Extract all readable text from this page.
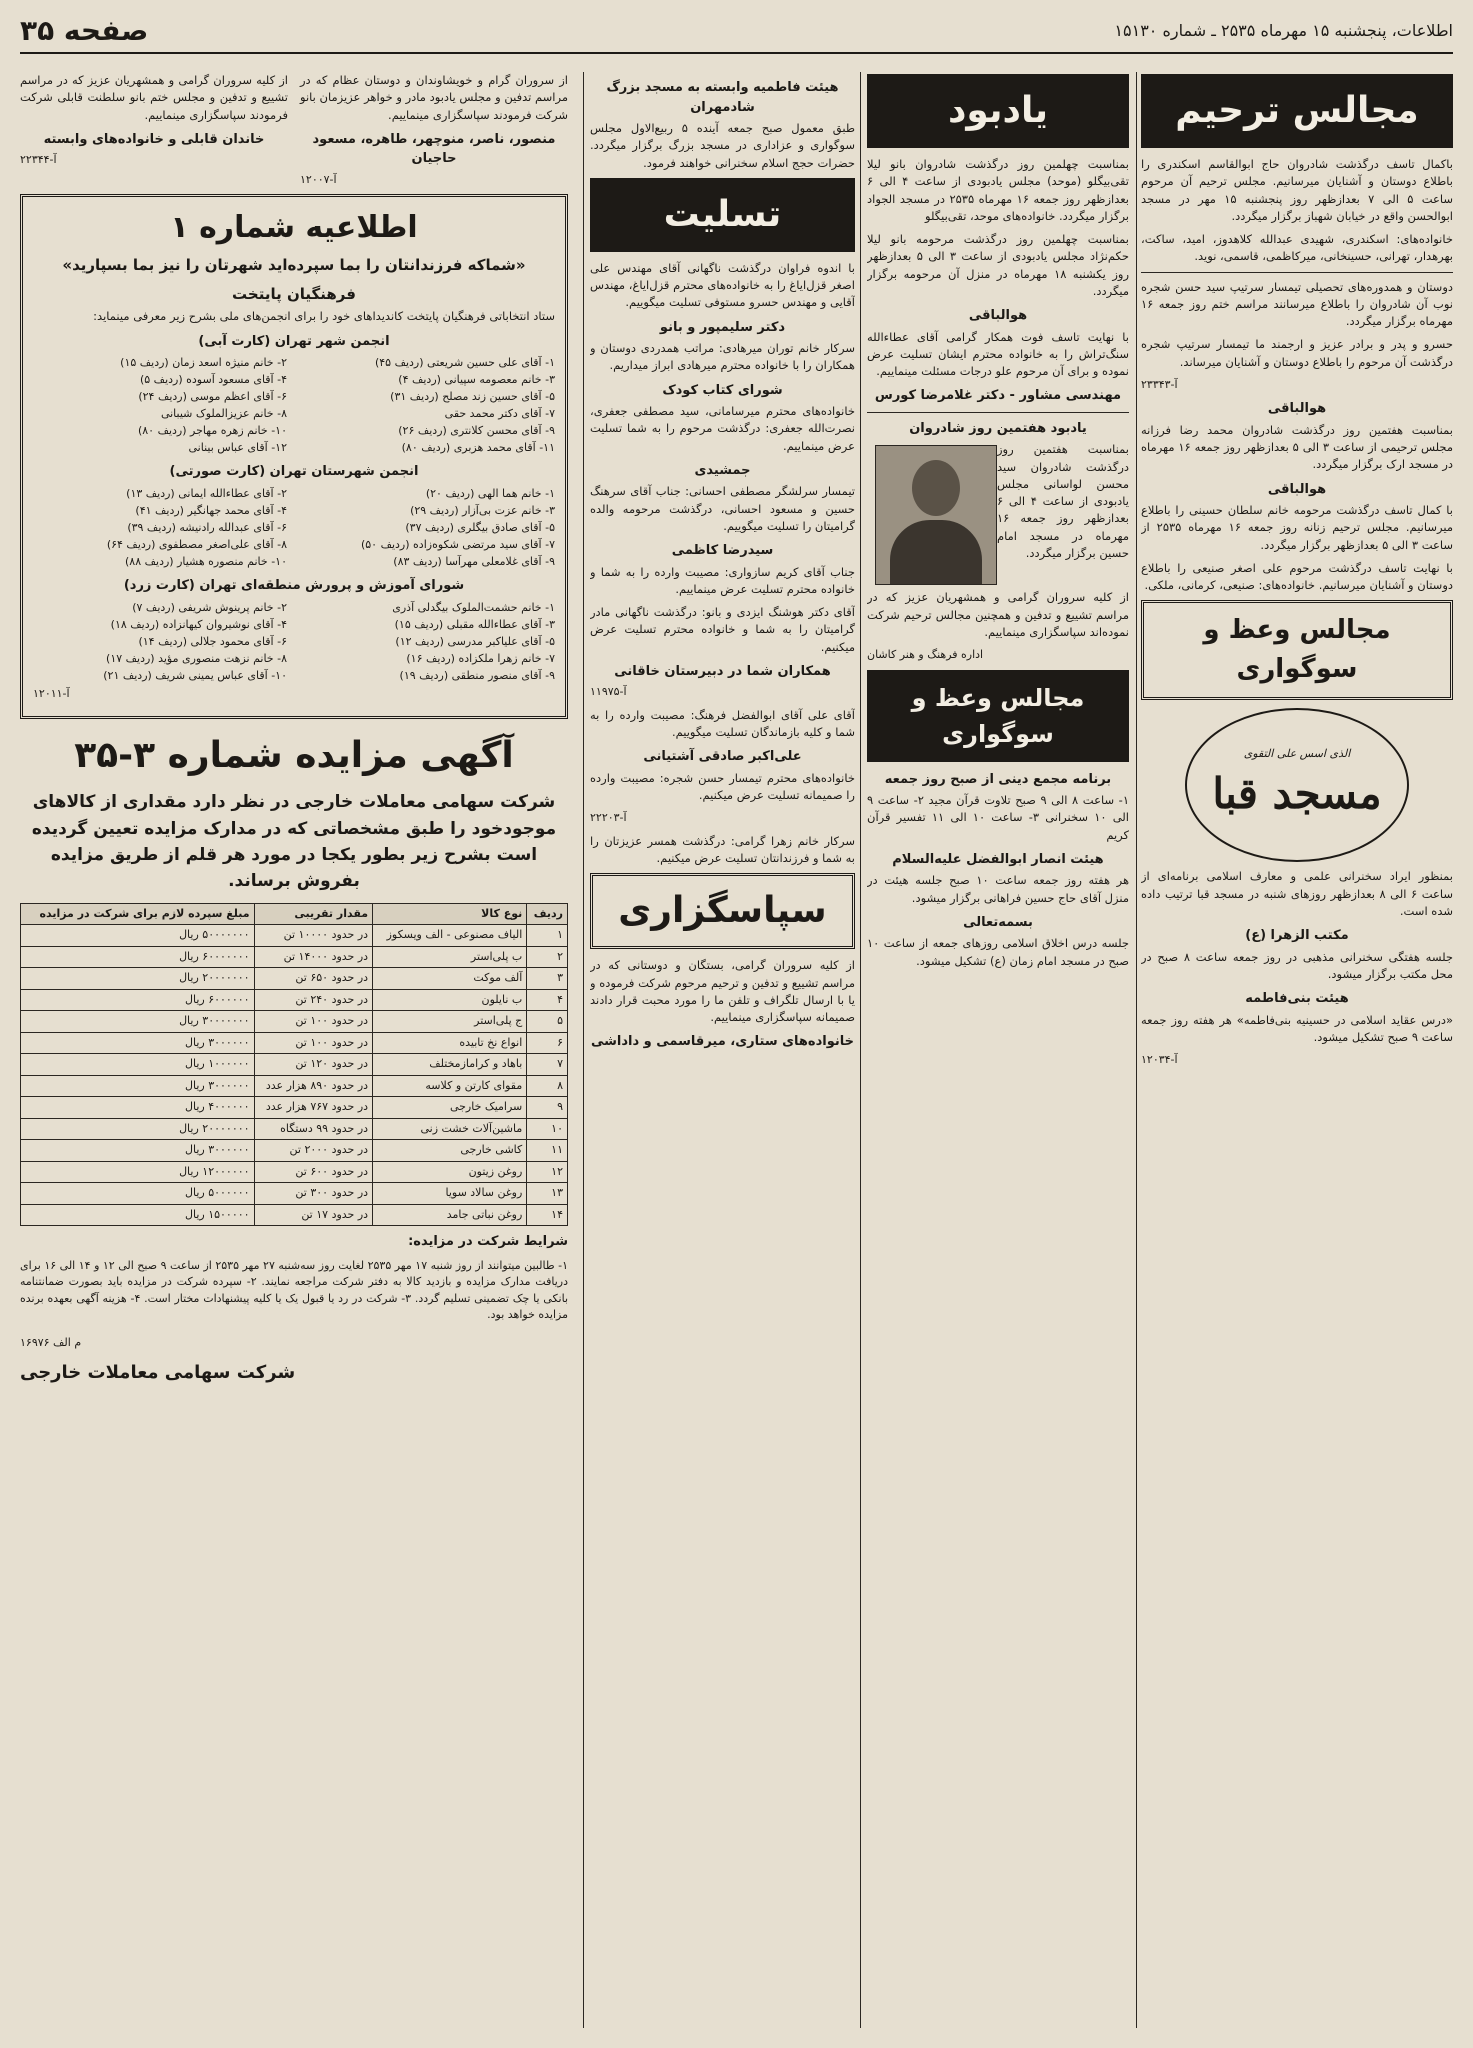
اطلاعات، پنجشنبه ۱۵ مهرماه ۲۵۳۵ ـ شماره ۱۵۱۳۰
صفحه ۳۵
مجالس ترحیم

باکمال تاسف درگذشت شادروان حاج ابوالقاسم اسکندری را باطلاع دوستان و آشنایان میرسانیم. مجلس ترحیم آن مرحوم ساعت ۵ الی ۷ بعدازظهر روز پنجشنبه ۱۵ مهر در مسجد ابوالحسن واقع در خیابان شهباز برگزار میگردد.

خانواده‌های: اسکندری، شهیدی عبدالله کلاهدوز، امید، ساکت، بهرهدار، تهرانی، حسینخانی، میرکاظمی، قاسمی، نوید.

دوستان و همدوره‌های تحصیلی تیمسار سرتیپ سید حسن شجره نوب آن شادروان را باطلاع میرسانند مراسم ختم روز جمعه ۱۶ مهرماه برگزار میگردد.

حسرو و پدر و برادر عزیز و ارجمند ما تیمسار سرتیپ شجره درگذشت آن مرحوم را باطلاع دوستان و آشنایان میرساند.

آ-۲۳۳۴۳
هوالباقی

بمناسبت هفتمین روز درگذشت شادروان محمد رضا فرزانه مجلس ترحیمی از ساعت ۳ الی ۵ بعدازظهر روز جمعه ۱۶ مهرماه در مسجد ارک برگزار میگردد.

هوالباقی

با کمال تاسف درگذشت مرحومه خانم سلطان حسینی را باطلاع میرسانیم. مجلس ترحیم زنانه روز جمعه ۱۶ مهرماه ۲۵۳۵ از ساعت ۳ الی ۵ بعدازظهر برگزار میگردد.

با نهایت تاسف درگذشت مرحوم علی اصغر صنیعی را باطلاع دوستان و آشنایان میرسانیم. خانواده‌های: صنیعی، کرمانی، ملکی.

مجالس وعظ و سوگواری
الذی اسس علی التقوی
مسجد قبا

بمنظور ایراد سخنرانی علمی و معارف اسلامی برنامه‌ای از ساعت ۶ الی ۸ بعدازظهر روزهای شنبه در مسجد قبا ترتیب داده شده است.

مکتب الزهرا (ع)

جلسه هفتگی سخنرانی مذهبی در روز جمعه ساعت ۸ صبح در محل مکتب برگزار میشود.

هیئت بنی‌فاطمه

«درس عقاید اسلامی در حسینیه بنی‌فاطمه» هر هفته روز جمعه ساعت ۹ صبح تشکیل میشود.

آ-۱۲۰۳۴
یادبود

بمناسبت چهلمین روز درگذشت شادروان بانو لیلا تقی‌بیگلو (موحد) مجلس یادبودی از ساعت ۴ الی ۶ بعدازظهر روز جمعه ۱۶ مهرماه ۲۵۳۵ در مسجد الجواد برگزار میگردد. خانواده‌های موحد، تقی‌بیگلو

بمناسبت چهلمین روز درگذشت مرحومه بانو لیلا حکم‌نژاد مجلس یادبودی از ساعت ۳ الی ۵ بعدازظهر روز یکشنبه ۱۸ مهرماه در منزل آن مرحومه برگزار میگردد.

هوالباقی

با نهایت تاسف فوت همکار گرامی آقای عطاءالله سنگ‌تراش را به خانواده محترم ایشان تسلیت عرض نموده و برای آن مرحوم علو درجات مسئلت مینماییم.

مهندسی مشاور - دکتر غلامرضا کورس
یادبود هفتمین روز شادروان

بمناسبت هفتمین روز درگذشت شادروان سید محسن لواسانی مجلس یادبودی از ساعت ۴ الی ۶ بعدازظهر روز جمعه ۱۶ مهرماه در مسجد امام حسین برگزار میگردد.

از کلیه سروران گرامی و همشهریان عزیز که در مراسم تشییع و تدفین و همچنین مجالس ترحیم شرکت نموده‌اند سپاسگزاری مینماییم.

اداره فرهنگ و هنر کاشان
مجالس وعظ و سوگواری
برنامه مجمع دینی از صبح روز جمعه

۱- ساعت ۸ الی ۹ صبح تلاوت قرآن مجید ۲- ساعت ۹ الی ۱۰ سخنرانی ۳- ساعت ۱۰ الی ۱۱ تفسیر قرآن کریم

هیئت انصار ابوالفضل علیه‌السلام

هر هفته روز جمعه ساعت ۱۰ صبح جلسه هیئت در منزل آقای حاج حسین فراهانی برگزار میشود.

بسمه‌تعالی

جلسه درس اخلاق اسلامی روزهای جمعه از ساعت ۱۰ صبح در مسجد امام زمان (ع) تشکیل میشود.

هیئت فاطمیه وابسته به مسجد بزرگ شادمهران

طبق معمول صبح جمعه آینده ۵ ربیع‌الاول مجلس سوگواری و عزاداری در مسجد بزرگ برگزار میگردد. حضرات حجج اسلام سخنرانی خواهند فرمود.

تسلیت

با اندوه فراوان درگذشت ناگهانی آقای مهندس علی اصغر قزل‌ایاغ را به خانواده‌های محترم قزل‌ایاغ، مهندس آقایی و مهندس حسرو مستوفی تسلیت میگوییم.

دکتر سلیمپور و بانو

سرکار خانم توران میرهادی: مراتب همدردی دوستان و همکاران را با خانواده محترم میرهادی ابراز میداریم.

شورای کتاب کودک

خانواده‌های محترم میرسامانی، سید مصطفی جعفری، نصرت‌الله جعفری: درگذشت مرحوم را به شما تسلیت عرض مینماییم.

جمشیدی

تیمسار سرلشگر مصطفی احسانی: جناب آقای سرهنگ حسین و مسعود احسانی، درگذشت مرحومه والده گرامیتان را تسلیت میگوییم.

سیدرضا کاظمی

جناب آقای کریم سازواری: مصیبت وارده را به شما و خانواده محترم تسلیت عرض مینماییم.

آقای دکتر هوشنگ ایزدی و بانو: درگذشت ناگهانی مادر گرامیتان را به شما و خانواده محترم تسلیت عرض میکنیم.

همکاران شما در دبیرستان خاقانی
آ-۱۱۹۷۵

آقای علی آقای ابوالفضل فرهنگ: مصیبت وارده را به شما و کلیه بازماندگان تسلیت میگوییم.

علی‌اکبر صادقی آشتیانی

خانواده‌های محترم تیمسار حسن شجره: مصیبت وارده را صمیمانه تسلیت عرض میکنیم.

آ-۲۲۲۰۳

سرکار خانم زهرا گرامی: درگذشت همسر عزیزتان را به شما و فرزندانتان تسلیت عرض میکنیم.

سپاسگزاری

از کلیه سروران گرامی، بستگان و دوستانی که در مراسم تشییع و تدفین و ترحیم مرحوم شرکت فرموده و یا با ارسال تلگراف و تلفن ما را مورد محبت قرار دادند صمیمانه سپاسگزاری مینماییم.

خانواده‌های ستاری، میرقاسمی و داداشی

از سروران گرام و خویشاوندان و دوستان عظام که در مراسم تدفین و مجلس یادبود مادر و خواهر عزیزمان بانو شرکت فرمودند سپاسگزاری مینماییم.

منصور، ناصر، منوچهر، طاهره، مسعود حاجیان
آ-۱۲۰۰۷

از کلیه سروران گرامی و همشهریان عزیز که در مراسم تشییع و تدفین و مجلس ختم بانو سلطنت قابلی شرکت فرمودند سپاسگزاری مینماییم.

خاندان قابلی و خانواده‌های وابسته
آ-۲۲۳۴۴
اطلاعیه شماره ۱
«شماکه فرزندانتان را بما سپرده‌اید شهرتان را نیز بما بسپارید»
فرهنگیان پایتخت

ستاد انتخاباتی فرهنگیان پایتخت کاندیداهای خود را برای انجمن‌های ملی بشرح زیر معرفی مینماید:

انجمن شهر تهران (کارت آبی)
۱- آقای علی حسین شریعتی (ردیف ۴۵)
۲- خانم منیژه اسعد زمان (ردیف ۱۵)
۳- خانم معصومه سپیانی (ردیف ۴)
۴- آقای مسعود آسوده (ردیف ۵)
۵- آقای حسین زند مصلح (ردیف ۳۱)
۶- آقای اعظم موسی (ردیف ۲۴)
۷- آقای دکتر محمد حقی
۸- خانم عزیزالملوک شیبانی
۹- آقای محسن کلانتری (ردیف ۲۶)
۱۰- خانم زهره مهاجر (ردیف ۸۰)
۱۱- آقای محمد هزبری (ردیف ۸۰)
۱۲- آقای عباس بینانی
انجمن شهرستان تهران (کارت صورتی)
۱- خانم هما الهی (ردیف ۲۰)
۲- آقای عطاءالله ایمانی (ردیف ۱۳)
۳- خانم عزت بی‌آزار (ردیف ۲۹)
۴- آقای محمد جهانگیر (ردیف ۴۱)
۵- آقای صادق بیگلری (ردیف ۳۷)
۶- آقای عبدالله رادنیشه (ردیف ۳۹)
۷- آقای سید مرتضی شکوه‌زاده (ردیف ۵۰)
۸- آقای علی‌اصغر مصطفوی (ردیف ۶۴)
۹- آقای غلامعلی مهرآسا (ردیف ۸۳)
۱۰- خانم منصوره هشیار (ردیف ۸۸)
شورای آموزش و پرورش منطقه‌ای تهران (کارت زرد)
۱- خانم حشمت‌الملوک بیگدلی آذری
۲- خانم پرینوش شریفی (ردیف ۷)
۳- آقای عطاءالله مقبلی (ردیف ۱۵)
۴- آقای نوشیروان کیهانزاده (ردیف ۱۸)
۵- آقای علیاکبر مدرسی (ردیف ۱۲)
۶- آقای محمود جلالی (ردیف ۱۴)
۷- خانم زهرا ملکزاده (ردیف ۱۶)
۸- خانم نزهت منصوری مؤید (ردیف ۱۷)
۹- آقای منصور منطقی (ردیف ۱۹)
۱۰- آقای عباس یمینی شریف (ردیف ۲۱)
آ-۱۲۰۱۱
آگهی مزایده شماره ۳-۳۵
شرکت سهامی معاملات خارجی در نظر دارد مقداری از کالاهای موجودخود را طبق مشخصاتی که در مدارک مزایده تعیین گردیده است بشرح زیر بطور یکجا در مورد هر قلم از طریق مزایده بفروش برساند.
ردیف	نوع کالا	مقدار تقریبی	مبلغ سپرده لازم برای شرکت در مزایده
۱	الیاف مصنوعی - الف ویسکوز	در حدود ۱۰۰۰۰ تن	۵۰۰۰۰۰۰۰ ریال
۲	ب پلی‌استر	در حدود ۱۴۰۰۰ تن	۶۰۰۰۰۰۰۰ ریال
۳	آلف موکت	در حدود ۶۵۰ تن	۲۰۰۰۰۰۰۰ ریال
۴	ب نایلون	در حدود ۲۴۰ تن	۶۰۰۰۰۰۰ ریال
۵	ج پلی‌استر	در حدود ۱۰۰ تن	۳۰۰۰۰۰۰۰ ریال
۶	انواع نخ تابیده	در حدود ۱۰۰ تن	۳۰۰۰۰۰۰ ریال
۷	باهاد و کرامازمختلف	در حدود ۱۲۰ تن	۱۰۰۰۰۰۰ ریال
۸	مقوای کارتن و کلاسه	در حدود ۸۹۰ هزار عدد	۳۰۰۰۰۰۰ ریال
۹	سرامیک خارجی	در حدود ۷۶۷ هزار عدد	۴۰۰۰۰۰۰ ریال
۱۰	ماشین‌آلات خشت زنی	در حدود ۹۹ دستگاه	۲۰۰۰۰۰۰۰ ریال
۱۱	کاشی خارجی	در حدود ۲۰۰۰ تن	۳۰۰۰۰۰۰ ریال
۱۲	روغن زیتون	در حدود ۶۰۰ تن	۱۲۰۰۰۰۰۰ ریال
۱۳	روغن سالاد سویا	در حدود ۳۰۰ تن	۵۰۰۰۰۰۰ ریال
۱۴	روغن نباتی جامد	در حدود ۱۷ تن	۱۵۰۰۰۰۰ ریال
شرایط شرکت در مزایده:

۱- طالبین میتوانند از روز شنبه ۱۷ مهر ۲۵۳۵ لغایت روز سه‌شنبه ۲۷ مهر ۲۵۳۵ از ساعت ۹ صبح الی ۱۲ و ۱۴ الی ۱۶ برای دریافت مدارک مزایده و بازدید کالا به دفتر شرکت مراجعه نمایند. ۲- سپرده شرکت در مزایده باید بصورت ضمانتنامه بانکی یا چک تضمینی تسلیم گردد. ۳- شرکت در رد یا قبول یک یا کلیه پیشنهادات مختار است. ۴- هزینه آگهی بعهده برنده مزایده خواهد بود.

م الف ۱۶۹۷۶
شرکت سهامی معاملات خارجی
